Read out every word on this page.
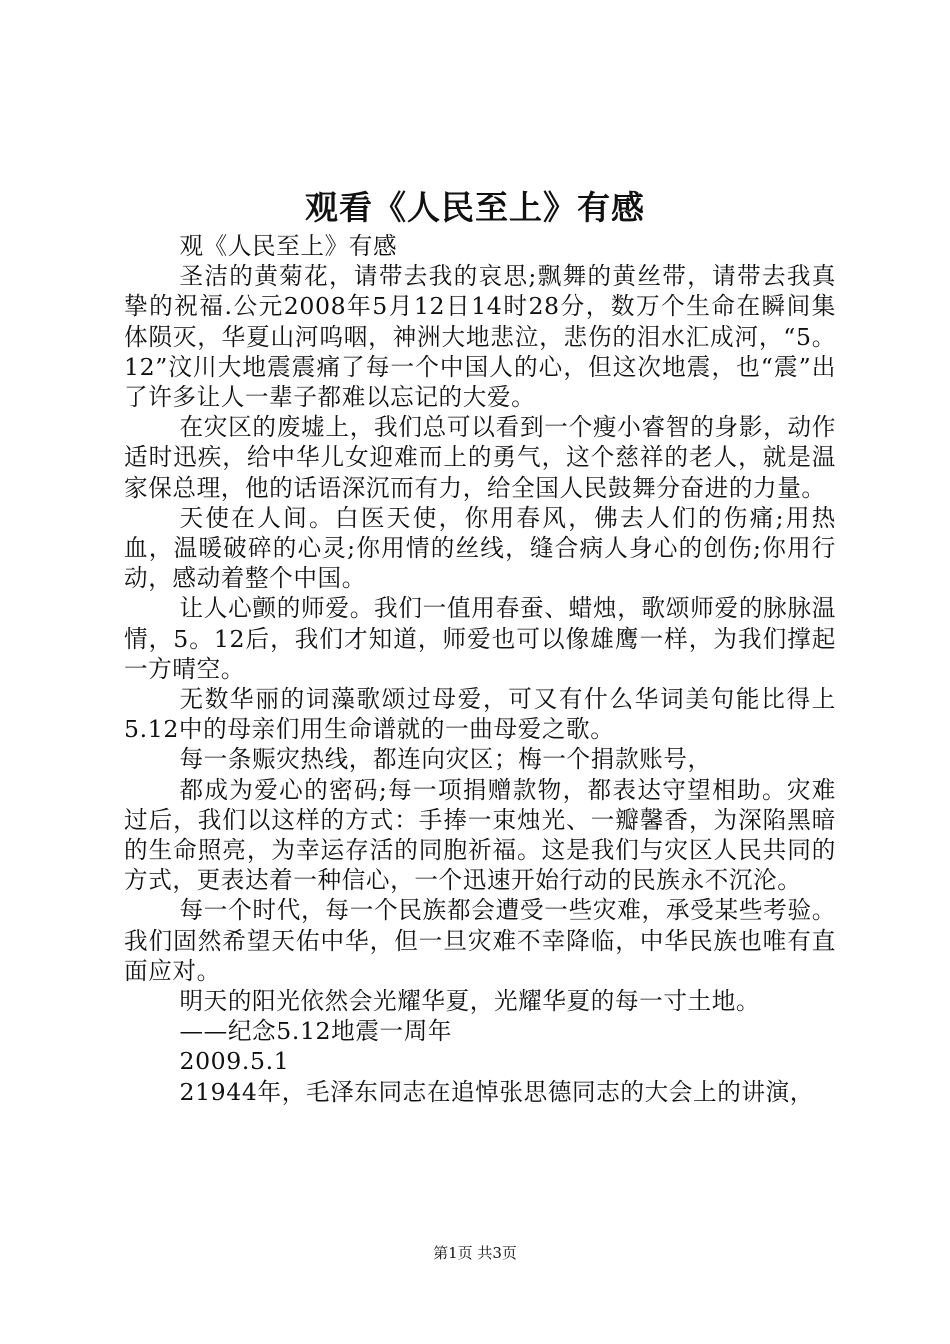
观看《人民至上》有感

观《人民至上》有感

圣洁的黄菊花，请带去我的哀思;飘舞的黄丝带，请带去我真挚的祝福.公元2008年5月12日14时28分，数万个生命在瞬间集体陨灭，华夏山河呜咽，神洲大地悲泣，悲伤的泪水汇成河，“5。12”汶川大地震震痛了每一个中国人的心，但这次地震，也“震”出了许多让人一辈子都难以忘记的大爱。

在灾区的废墟上，我们总可以看到一个瘦小睿智的身影，动作适时迅疾，给中华儿女迎难而上的勇气，这个慈祥的老人，就是温家保总理，他的话语深沉而有力，给全国人民鼓舞分奋进的力量。

天使在人间。白医天使，你用春风，佛去人们的伤痛;用热血，温暖破碎的心灵;你用情的丝线，缝合病人身心的创伤;你用行动，感动着整个中国。

让人心颤的师爱。我们一值用春蚕、蜡烛，歌颂师爱的脉脉温情，5。12后，我们才知道，师爱也可以像雄鹰一样，为我们撑起一方晴空。

无数华丽的词藻歌颂过母爱，可又有什么华词美句能比得上5.12中的母亲们用生命谱就的一曲母爱之歌。

每一条赈灾热线，都连向灾区；梅一个捐款账号，

都成为爱心的密码;每一项捐赠款物，都表达守望相助。灾难过后，我们以这样的方式：手捧一束烛光、一瓣馨香，为深陷黑暗的生命照亮，为幸运存活的同胞祈福。这是我们与灾区人民共同的方式，更表达着一种信心，一个迅速开始行动的民族永不沉沦。

每一个时代，每一个民族都会遭受一些灾难，承受某些考验。我们固然希望天佑中华，但一旦灾难不幸降临，中华民族也唯有直面应对。

明天的阳光依然会光耀华夏，光耀华夏的每一寸土地。

——纪念5.12地震一周年

2009.5.1

21944年，毛泽东同志在追悼张思德同志的大会上的讲演，

第1页 共3页
